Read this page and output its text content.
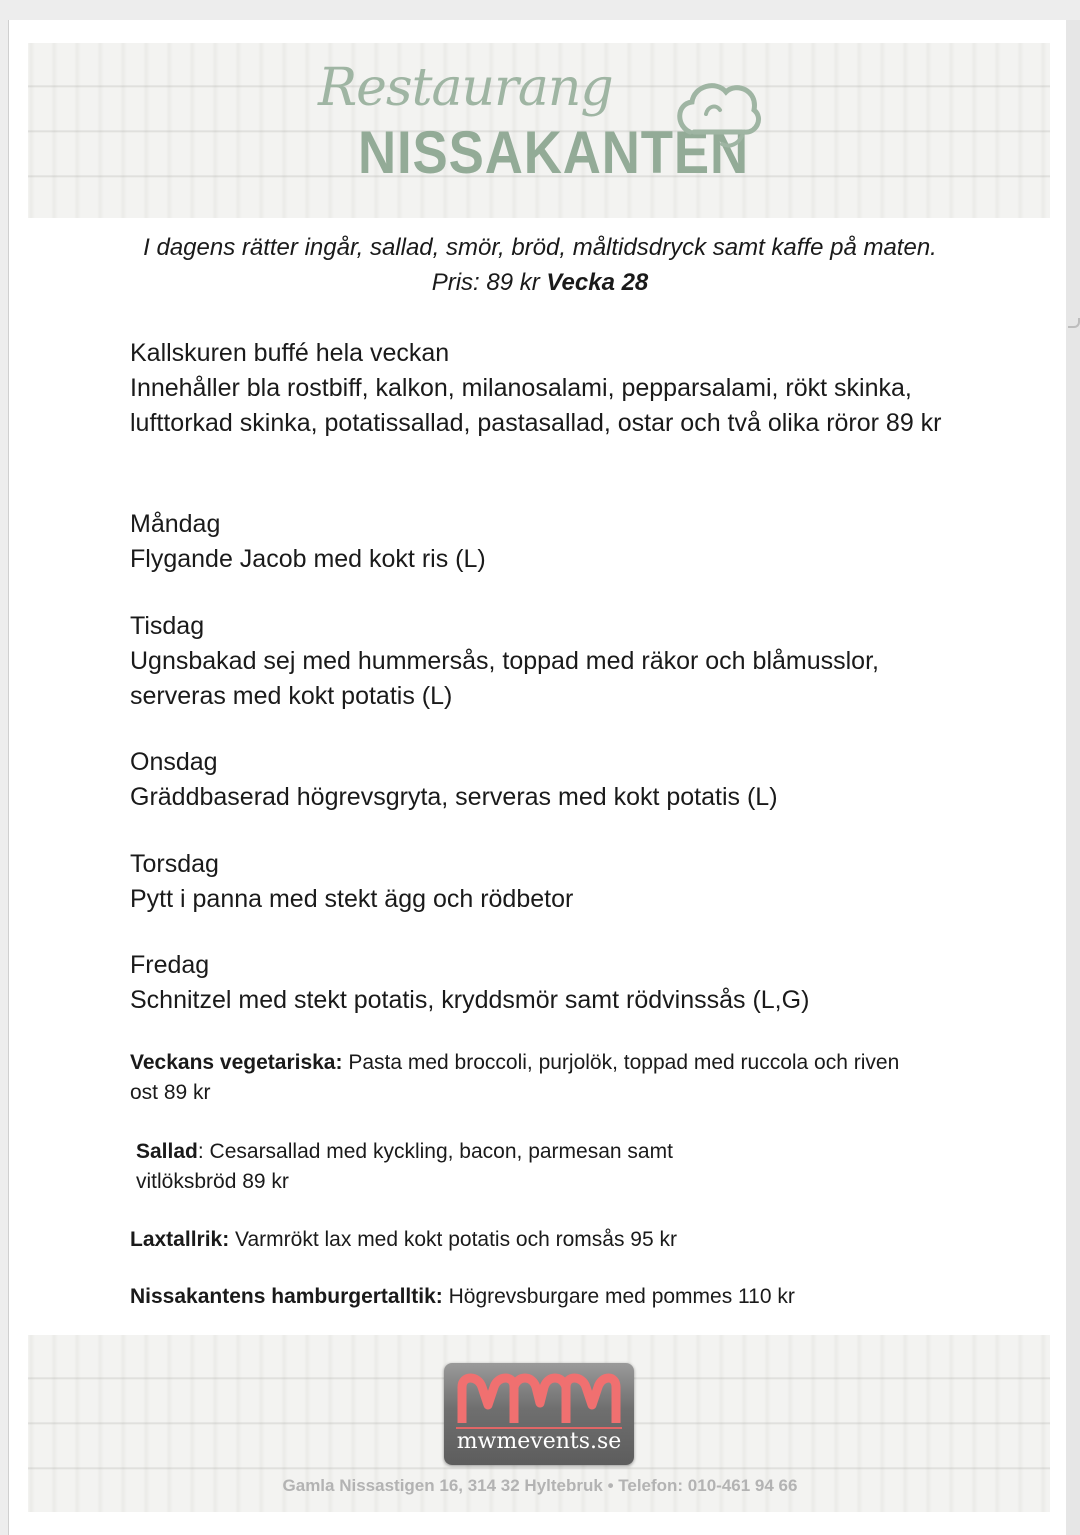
Restaurang
NISSAKANTEN
I dagens rätter ingår, sallad, smör, bröd, måltidsdryck samt kaffe på maten. Pris: 89 kr Vecka 28
Kallskuren buffé hela veckan
Innehåller bla rostbiff, kalkon, milanosalami, pepparsalami, rökt skinka, lufttorkad skinka, potatissallad, pastasallad, ostar och två olika röror 89 kr
Måndag
Flygande Jacob med kokt ris (L)
Tisdag
Ugnsbakad sej med hummersås, toppad med räkor och blåmusslor, serveras med kokt potatis (L)
Onsdag
Gräddbaserad högrevsgryta, serveras med kokt potatis (L)
Torsdag
Pytt i panna med stekt ägg och rödbetor
Fredag
Schnitzel med stekt potatis, kryddsmör samt rödvinssås (L,G)
Veckans vegetariska: Pasta med broccoli, purjolök, toppad med ruccola och riven ost 89 kr
Sallad: Cesarsallad med kyckling, bacon, parmesan samt vitlöksbröd 89 kr
Laxtallrik: Varmrökt lax med kokt potatis och romsås 95 kr
Nissakantens hamburgertalltik: Högrevsburgare med pommes 110 kr
mwmevents.se
Gamla Nissastigen 16, 314 32 Hyltebruk • Telefon: 010-461 94 66
